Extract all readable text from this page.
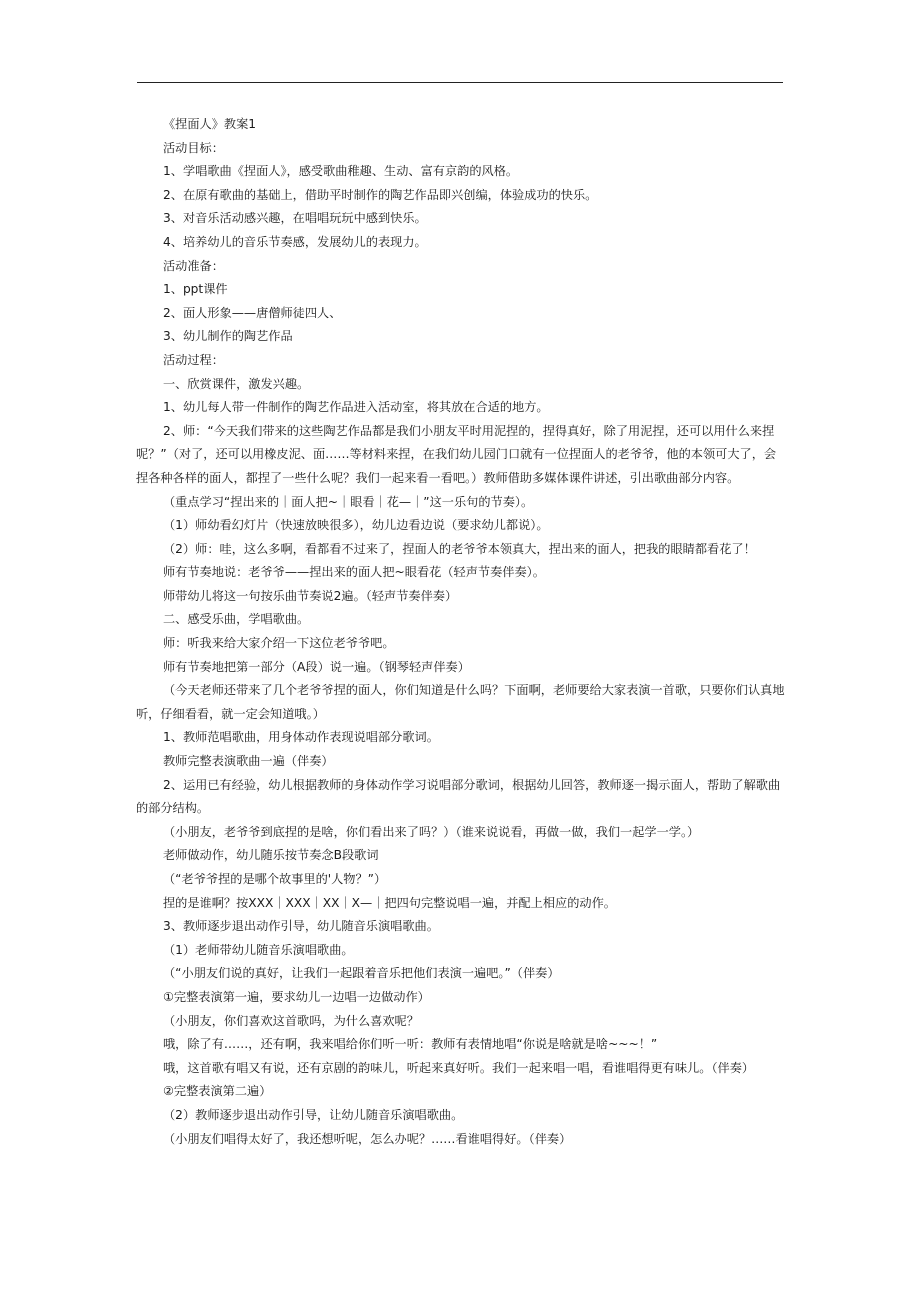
《捏面人》教案1

活动目标：

1、学唱歌曲《捏面人》，感受歌曲稚趣、生动、富有京韵的风格。

2、在原有歌曲的基础上，借助平时制作的陶艺作品即兴创编，体验成功的快乐。

3、对音乐活动感兴趣，在唱唱玩玩中感到快乐。

4、培养幼儿的音乐节奏感，发展幼儿的表现力。

活动准备：

1、ppt课件

2、面人形象——唐僧师徒四人、

3、幼儿制作的陶艺作品

活动过程：

一、欣赏课件，激发兴趣。

1、幼儿每人带一件制作的陶艺作品进入活动室，将其放在合适的地方。

2、师：“今天我们带来的这些陶艺作品都是我们小朋友平时用泥捏的，捏得真好，除了用泥捏，还可以用什么来捏呢？”（对了，还可以用橡皮泥、面……等材料来捏，在我们幼儿园门口就有一位捏面人的老爷爷，他的本领可大了，会捏各种各样的面人，都捏了一些什么呢？我们一起来看一看吧。）教师借助多媒体课件讲述，引出歌曲部分内容。

（重点学习“捏出来的｜面人把~｜眼看｜花—｜”这一乐句的节奏）。

（1）师幼看幻灯片（快速放映很多），幼儿边看边说（要求幼儿都说）。

（2）师：哇，这么多啊，看都看不过来了，捏面人的老爷爷本领真大，捏出来的面人，把我的眼睛都看花了！

师有节奏地说：老爷爷——捏出来的面人把~眼看花（轻声节奏伴奏）。

师带幼儿将这一句按乐曲节奏说2遍。（轻声节奏伴奏）

二、感受乐曲，学唱歌曲。

师：听我来给大家介绍一下这位老爷爷吧。

师有节奏地把第一部分（A段）说一遍。（钢琴轻声伴奏）

（今天老师还带来了几个老爷爷捏的面人，你们知道是什么吗？下面啊，老师要给大家表演一首歌，只要你们认真地听，仔细看看，就一定会知道哦。）

1、教师范唱歌曲，用身体动作表现说唱部分歌词。

教师完整表演歌曲一遍（伴奏）

2、运用已有经验，幼儿根据教师的身体动作学习说唱部分歌词，根据幼儿回答，教师逐一揭示面人，帮助了解歌曲的部分结构。

（小朋友，老爷爷到底捏的是啥，你们看出来了吗？）（谁来说说看，再做一做，我们一起学一学。）

老师做动作，幼儿随乐按节奏念B段歌词

（“老爷爷捏的是哪个故事里的'人物？”）

捏的是谁啊？按XXX｜XXX｜XX｜X—｜把四句完整说唱一遍，并配上相应的动作。

3、教师逐步退出动作引导，幼儿随音乐演唱歌曲。

（1）老师带幼儿随音乐演唱歌曲。

（“小朋友们说的真好，让我们一起跟着音乐把他们表演一遍吧。”（伴奏）

①完整表演第一遍，要求幼儿一边唱一边做动作）

（小朋友，你们喜欢这首歌吗，为什么喜欢呢？

哦，除了有……，还有啊，我来唱给你们听一听：教师有表情地唱“你说是啥就是啥~~~！”

哦，这首歌有唱又有说，还有京剧的韵味儿，听起来真好听。我们一起来唱一唱，看谁唱得更有味儿。（伴奏）

②完整表演第二遍）

（2）教师逐步退出动作引导，让幼儿随音乐演唱歌曲。

（小朋友们唱得太好了，我还想听呢，怎么办呢？……看谁唱得好。（伴奏）
